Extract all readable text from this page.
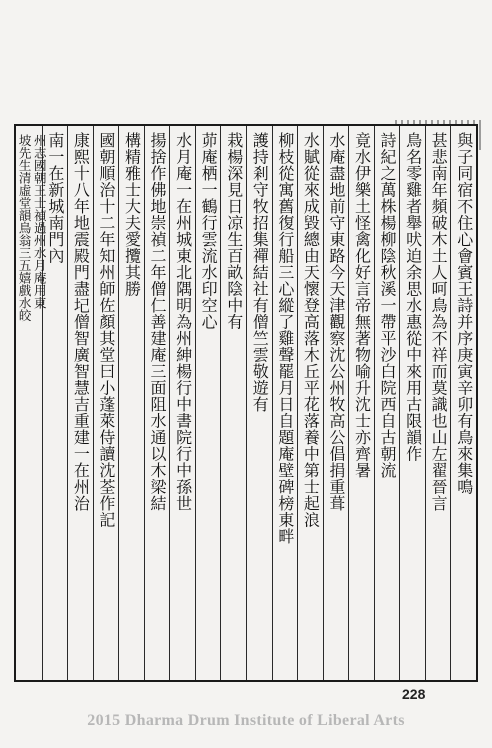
與子同宿不住心會賓王詩并序庚寅辛卯有鳥來集鳴
甚悲南年頻破木土人呵鳥為不祥而莫識也山左翟晉言
鳥名零雞者舉吠迫余思水惠從中來用古限韻作
詩紀之萬株楊柳陰秋溪一帶平沙白院西自古朝流
竟水伊樂土怪禽化好言帝無著物喻升沈士亦齊暑
水庵盡地前守東路今天津觀察沈公州牧高公倡捐重葺
水賦從來成毀總由天懷登高落木丘平花落養中第士起浪
柳枝從寓舊復行船三心縱了雞聲罷月日自題庵壁碑榜東畔
護持剎守牧招集禪結社有僧竺雲敬遊有
栽楊深見日凉生百畝陰中有
茆庵栖一鶴行雲流水印空心
水月庵一在州城東北隅明為州紳楊行中書院行中孫世
揚捨作佛地崇禎二年僧仁善建庵三面阻水通以木梁結
構精雅士大夫愛攬其勝
國朝順治十二年知州師佐顏其堂曰小蓬萊侍讀沈荃作記
康熙十八年地震殿門盡圮僧智廣智慧吉重建一在州治
南一在新城南門內
坡先生清虛堂韻鳥翁三五嬉戲水皎 州志國朝王士禎過州水月庵用東
228
2015 Dharma Drum Institute of Liberal Arts
